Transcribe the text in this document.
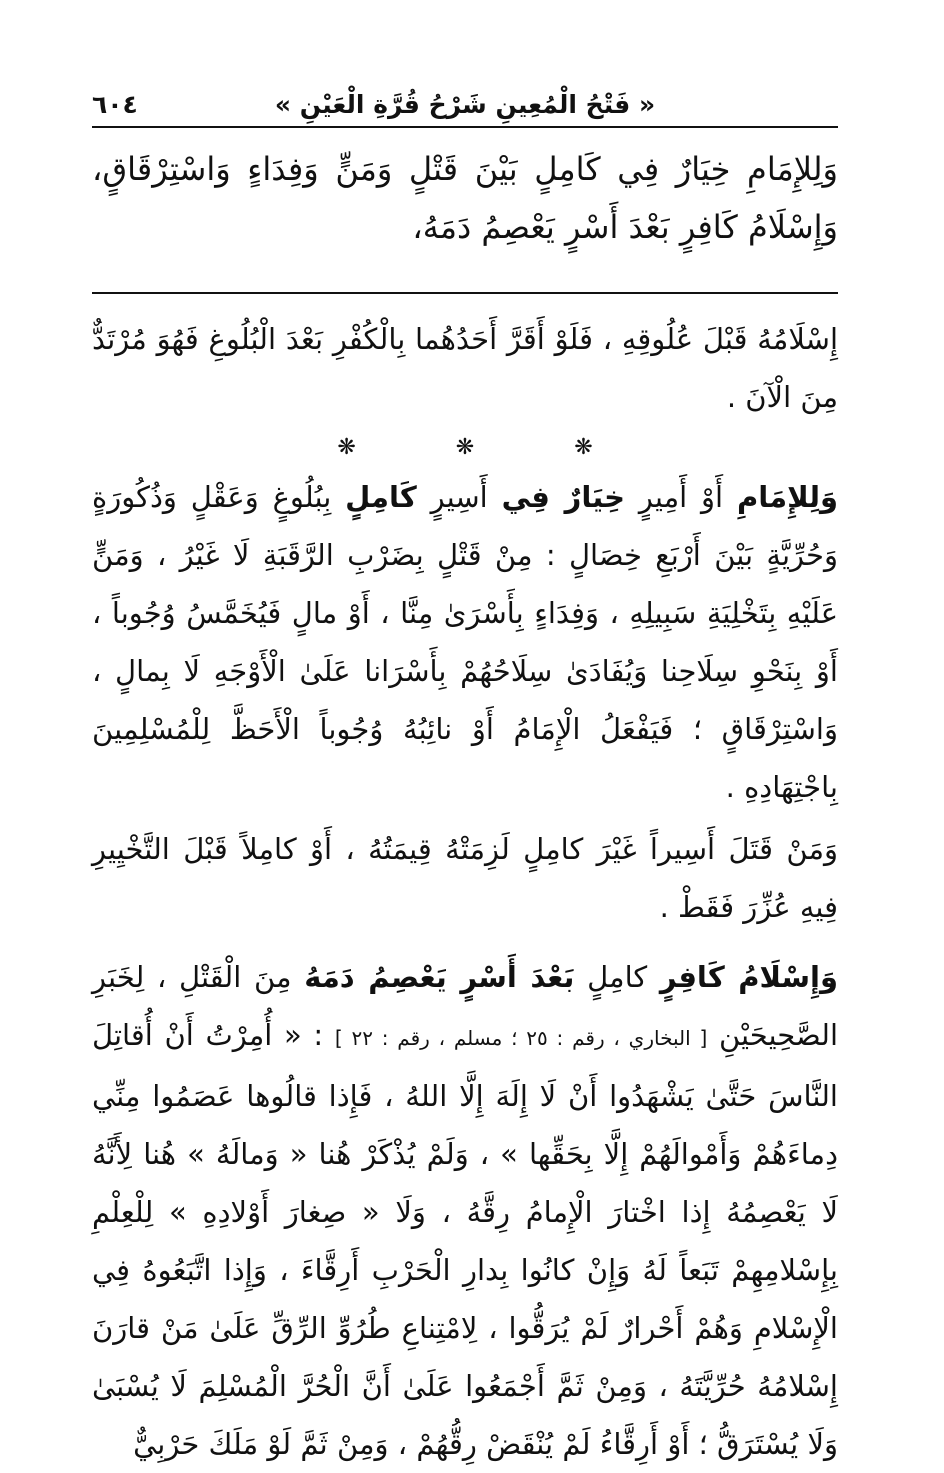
« فَتْحُ الْمُعِينِ شَرْحُ قُرَّةِ الْعَيْنِ »
٦٠٤

وَلِلإِمَامِ خِيَارٌ فِي كَامِلٍ بَيْنَ قَتْلٍ وَمَنٍّ وَفِدَاءٍ وَاسْتِرْقَاقٍ، وَإِسْلَامُ كَافِرٍ بَعْدَ أَسْرٍ يَعْصِمُ دَمَهُ،

إِسْلَامُهُ قَبْلَ عُلُوقِهِ ، فَلَوْ أَقَرَّ أَحَدُهُما بِالْكُفْرِ بَعْدَ الْبُلُوغِ فَهُوَ مُرْتَدٌّ مِنَ الْآنَ .

❋
❋
❋

وَلِلإِمَامِ أَوْ أَمِيرٍ خِيَارٌ فِي أَسِيرٍ كَامِلٍ بِبُلُوغٍ وَعَقْلٍ وَذُكُورَةٍ وَحُرِّيَّةٍ بَيْنَ أَرْبَعِ خِصَالٍ : مِنْ قَتْلٍ بِضَرْبِ الرَّقَبَةِ لَا غَيْرُ ، وَمَنٍّ عَلَيْهِ بِتَخْلِيَةِ سَبِيلِهِ ، وَفِدَاءٍ بِأَسْرَىٰ مِنَّا ، أَوْ مالٍ فَيُخَمَّسُ وُجُوباً ، أَوْ بِنَحْوِ سِلَاحِنا وَيُفَادَىٰ سِلَاحُهُمْ بِأَسْرَانا عَلَىٰ الْأَوْجَهِ لَا بِمالٍ ، وَاسْتِرْقَاقٍ ؛ فَيَفْعَلُ الْإِمَامُ أَوْ نائِبُهُ وُجُوباً الْأَحَظَّ لِلْمُسْلِمِينَ بِاجْتِهَادِهِ .

وَمَنْ قَتَلَ أَسِيراً غَيْرَ كامِلٍ لَزِمَتْهُ قِيمَتُهُ ، أَوْ كامِلاً قَبْلَ التَّخْيِيرِ فِيهِ عُزِّرَ فَقَطْ .

وَإِسْلَامُ كَافِرٍ كامِلٍ بَعْدَ أَسْرٍ يَعْصِمُ دَمَهُ مِنَ الْقَتْلِ ، لِخَبَرِ الصَّحِيحَيْنِ [ البخاري ، رقم : ٢٥ ؛ مسلم ، رقم : ٢٢ ] : « أُمِرْتُ أَنْ أُقاتِلَ النَّاسَ حَتَّىٰ يَشْهَدُوا أَنْ لَا إِلَهَ إِلَّا اللهُ ، فَإِذا قالُوها عَصَمُوا مِنِّي دِماءَهُمْ وَأَمْوالَهُمْ إِلَّا بِحَقِّها » ، وَلَمْ يُذْكَرْ هُنا « وَمالَهُ » هُنا لِأَنَّهُ لَا يَعْصِمُهُ إِذا اخْتارَ الْإِمامُ رِقَّهُ ، وَلَا « صِغارَ أَوْلادِهِ » لِلْعِلْمِ بِإِسْلامِهِمْ تَبَعاً لَهُ وَإِنْ كانُوا بِدارِ الْحَرْبِ أَرِقَّاءَ ، وَإِذا اتَّبَعُوهُ فِي الْإِسْلامِ وَهُمْ أَحْرارٌ لَمْ يُرَقُّوا ، لِامْتِناعِ طُرُوِّ الرِّقِّ عَلَىٰ مَنْ قارَنَ إِسْلامُهُ حُرِّيَّتَهُ ، وَمِنْ ثَمَّ أَجْمَعُوا عَلَىٰ أَنَّ الْحُرَّ الْمُسْلِمَ لَا يُسْبَىٰ وَلَا يُسْتَرَقُّ ؛ أَوْ أَرِقَّاءُ لَمْ يُنْقَضْ رِقُّهُمْ ، وَمِنْ ثَمَّ لَوْ مَلَكَ حَرْبِيٌّ
